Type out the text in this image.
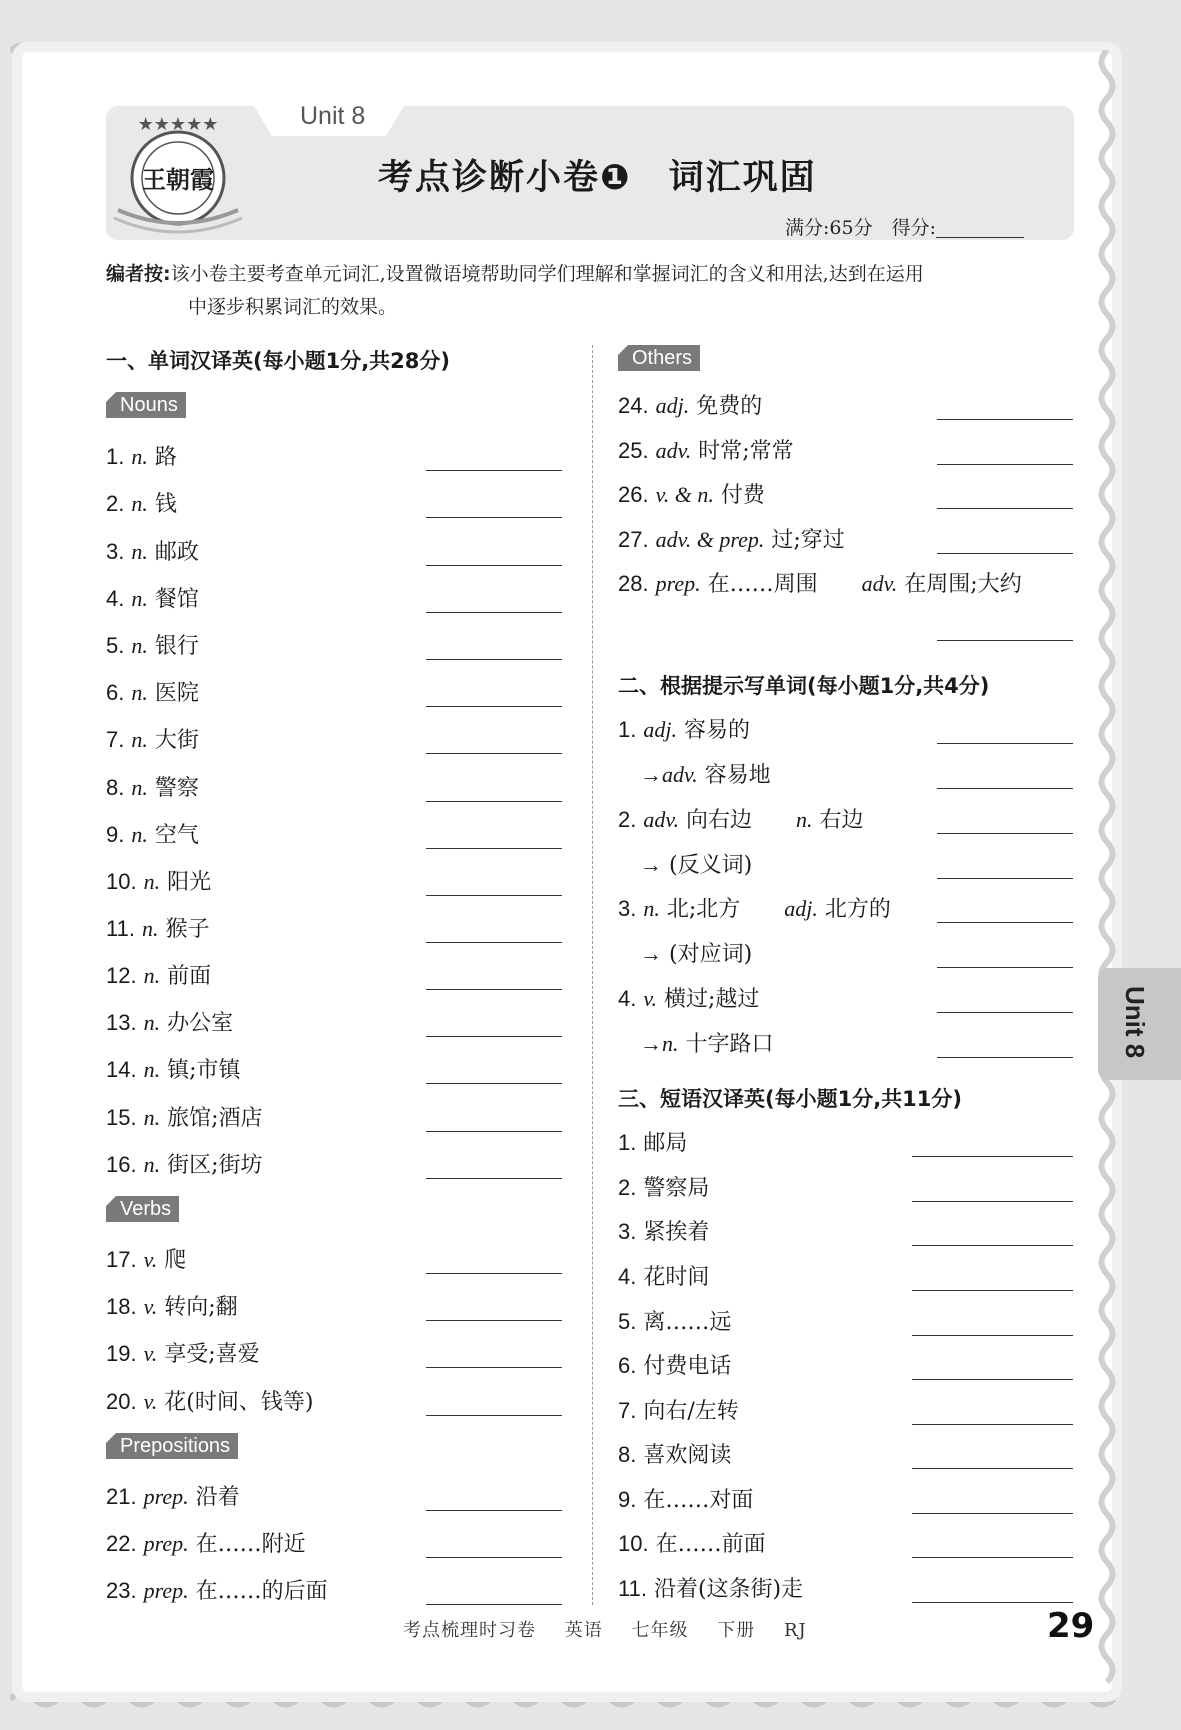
★★★★★
王朝霞
Unit 8
考点诊断小卷❶　词汇巩固
满分:65分　得分:
编者按:该小卷主要考查单元词汇,设置微语境帮助同学们理解和掌握词汇的含义和用法,达到在运用
中逐步积累词汇的效果。
一、单词汉译英(每小题1分,共28分)
Nouns
1. n. 路
2. n. 钱
3. n. 邮政
4. n. 餐馆
5. n. 银行
6. n. 医院
7. n. 大街
8. n. 警察
9. n. 空气
10. n. 阳光
11. n. 猴子
12. n. 前面
13. n. 办公室
14. n. 镇;市镇
15. n. 旅馆;酒店
16. n. 街区;街坊
17. v. 爬
18. v. 转向;翻
19. v. 享受;喜爱
20. v. 花(时间、钱等)
21. prep. 沿着
22. prep. 在……附近
23. prep. 在……的后面
Verbs
Prepositions
Others
24. adj. 免费的
25. adv. 时常;常常
26. v. & n. 付费
27. adv. & prep. 过;穿过
28. prep. 在……周围　　 adv. 在周围;大约
1. adj. 容易的
→adv. 容易地
2. adv. 向右边　　 n. 右边
→ (反义词)
3. n. 北;北方　　 adj. 北方的
→ (对应词)
4. v. 横过;越过
→n. 十字路口
1. 邮局
2. 警察局
3. 紧挨着
4. 花时间
5. 离……远
6. 付费电话
7. 向右/左转
8. 喜欢阅读
9. 在……对面
10. 在……前面
11. 沿着(这条街)走
二、根据提示写单词(每小题1分,共4分)
三、短语汉译英(每小题1分,共11分)
Unit 8
考点梳理时习卷 英语 七年级 下册 RJ	29
